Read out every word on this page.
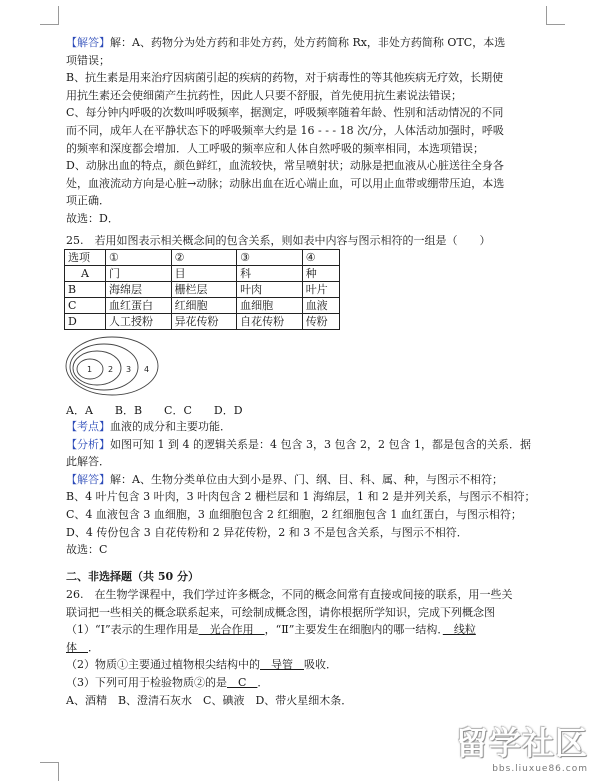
【解答】解：A、药物分为处方药和非处方药，处方药简称 Rx，非处方药简称 OTC，本选
项错误；
B、抗生素是用来治疗因病菌引起的疾病的药物，对于病毒性的等其他疾病无疗效，长期使
用抗生素还会使细菌产生抗药性，因此人只要不舒服，首先使用抗生素说法错误；
C、每分钟内呼吸的次数叫呼吸频率，据测定，呼吸频率随着年龄、性别和活动情况的不同
而不同，成年人在平静状态下的呼吸频率大约是 16 - - - 18 次/分，人体活动加强时，呼吸
的频率和深度都会增加．人工呼吸的频率应和人体自然呼吸的频率相同，本选项错误；
D、动脉出血的特点，颜色鲜红，血流较快，常呈喷射状；动脉是把血液从心脏送往全身各
处，血液流动方向是心脏→动脉；动脉出血在近心端止血，可以用止血带或绷带压迫，本选
项正确．
故选：D．
25.　若用如图表示相关概念间的包含关系，则如表中内容与图示相符的一组是（　　）
选项	①	②	③	④
A	门	目	科	种
B	海绵层	栅栏层	叶肉	叶片
C	血红蛋白	红细胞	血细胞	血液
D	人工授粉	异花传粉	自花传粉	传粉
1 2 3 4
A．A　　B．B　　C．C　　D．D
【考点】血液的成分和主要功能．
【分析】如图可知 1 到 4 的逻辑关系是：4 包含 3，3 包含 2，2 包含 1，都是包含的关系．据
此解答．
【解答】解：A、生物分类单位由大到小是界、门、纲、目、科、属、种，与图示不相符；
B、4 叶片包含 3 叶肉，3 叶肉包含 2 栅栏层和 1 海绵层，1 和 2 是并列关系，与图示不相符；
C、4 血液包含 3 血细胞，3 血细胞包含 2 红细胞，2 红细胞包含 1 血红蛋白，与图示相符；
D、4 传份包含 3 自花传粉和 2 异花传粉，2 和 3 不是包含关系，与图示不相符．
故选：C
二、非选择题（共 50 分）
26.　在生物学课程中，我们学过许多概念，不同的概念间常有直接或间接的联系，用一些关
联词把一些相关的概念联系起来，可绘制成概念图，请你根据所学知识，完成下列概念图
（1）“Ⅰ”表示的生理作用是　光合作用　，“Ⅱ”主要发生在细胞内的哪一结构．　线粒
体　．
（2）物质①主要通过植物根尖结构中的　导管　吸收．
（3）下列可用于检验物质②的是　C　．
A、酒精　B、澄清石灰水　C、碘液　D、带火星细木条．
留学社区
bbs.liuxue86.com
